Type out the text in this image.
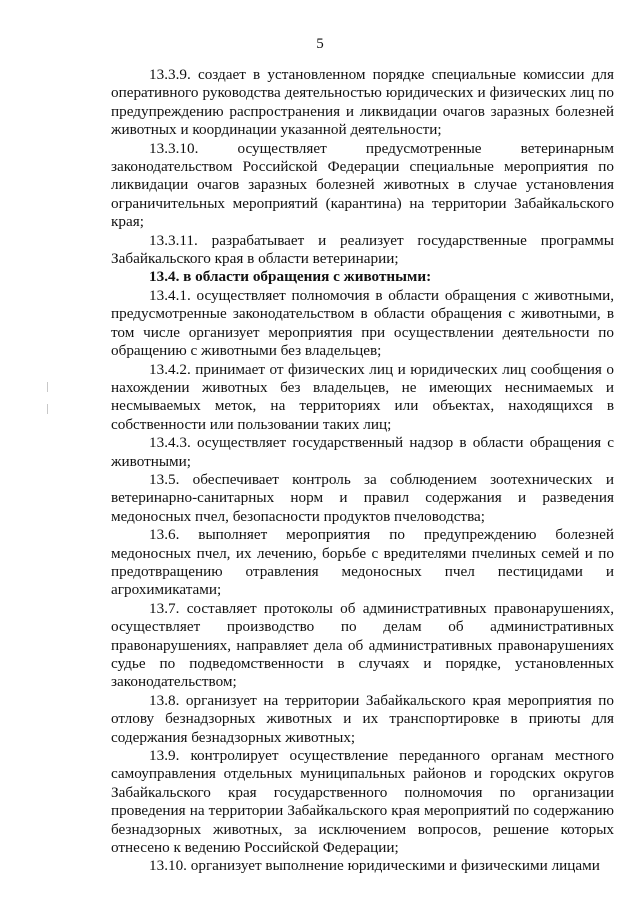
5

13.3.9. создает в установленном порядке специальные комиссии для оперативного руководства деятельностью юридических и физических лиц по предупреждению распространения и ликвидации очагов заразных болезней животных и координации указанной деятельности;

13.3.10. осуществляет предусмотренные ветеринарным законодательством Российской Федерации специальные мероприятия по ликвидации очагов заразных болезней животных в случае установления ограничительных мероприятий (карантина) на территории Забайкальского края;

13.3.11. разрабатывает и реализует государственные программы Забайкальского края в области ветеринарии;

13.4. в области обращения с животными:

13.4.1. осуществляет полномочия в области обращения с животными, предусмотренные законодательством в области обращения с животными, в том числе организует мероприятия при осуществлении деятельности по обращению с животными без владельцев;

13.4.2. принимает от физических лиц и юридических лиц сообщения о нахождении животных без владельцев, не имеющих неснимаемых и несмываемых меток, на территориях или объектах, находящихся в собственности или пользовании таких лиц;

13.4.3. осуществляет государственный надзор в области обращения с животными;

13.5. обеспечивает контроль за соблюдением зоотехнических и ветеринарно-санитарных норм и правил содержания и разведения медоносных пчел, безопасности продуктов пчеловодства;

13.6. выполняет мероприятия по предупреждению болезней медоносных пчел, их лечению, борьбе с вредителями пчелиных семей и по предотвращению отравления медоносных пчел пестицидами и агрохимикатами;

13.7. составляет протоколы об административных правонарушениях, осуществляет производство по делам об административных правонарушениях, направляет дела об административных правонарушениях судье по подведомственности в случаях и порядке, установленных законодательством;

13.8. организует на территории Забайкальского края мероприятия по отлову безнадзорных животных и их транспортировке в приюты для содержания безнадзорных животных;

13.9. контролирует осуществление переданного органам местного самоуправления отдельных муниципальных районов и городских округов Забайкальского края государственного полномочия по организации проведения на территории Забайкальского края мероприятий по содержанию безнадзорных животных, за исключением вопросов, решение которых отнесено к ведению Российской Федерации;

13.10. организует выполнение юридическими и физическими лицами
